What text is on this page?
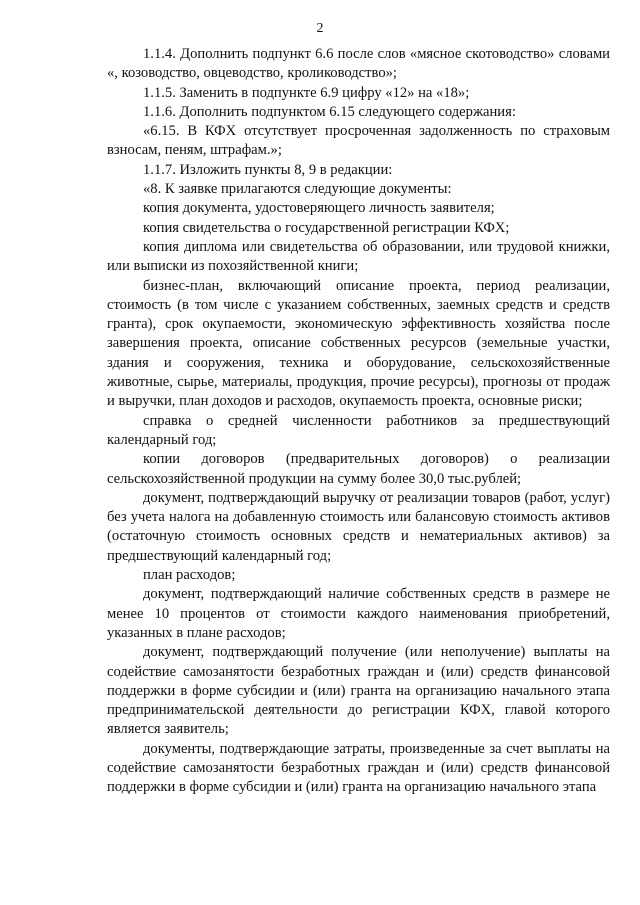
2

1.1.4. Дополнить подпункт 6.6 после слов «мясное скотоводство» словами «, козоводство, овцеводство, кролиководство»;

1.1.5. Заменить в подпункте 6.9 цифру «12» на «18»;

1.1.6. Дополнить подпунктом 6.15 следующего содержания:

«6.15. В КФХ отсутствует просроченная задолженность по страховым взносам, пеням, штрафам.»;

1.1.7. Изложить пункты 8, 9 в редакции:

«8. К заявке прилагаются следующие документы:

копия документа, удостоверяющего личность заявителя;

копия свидетельства о государственной регистрации КФХ;

копия диплома или свидетельства об образовании, или трудовой книжки, или выписки из похозяйственной книги;

бизнес-план, включающий описание проекта, период реализации, стоимость (в том числе с указанием собственных, заемных средств и средств гранта), срок окупаемости, экономическую эффективность хозяйства после завершения проекта, описание собственных ресурсов (земельные участки, здания и сооружения, техника и оборудование, сельскохозяйственные животные, сырье, материалы, продукция, прочие ресурсы), прогнозы от продаж и выручки, план доходов и расходов, окупаемость проекта, основные риски;

справка о средней численности работников за предшествующий календарный год;

копии договоров (предварительных договоров) о реализации сельскохозяйственной продукции на сумму более 30,0 тыс.рублей;

документ, подтверждающий выручку от реализации товаров (работ, услуг) без учета налога на добавленную стоимость или балансовую стоимость активов (остаточную стоимость основных средств и нематериальных активов) за предшествующий календарный год;

план расходов;

документ, подтверждающий наличие собственных средств в размере не менее 10 процентов от стоимости каждого наименования приобретений, указанных в плане расходов;

документ, подтверждающий получение (или неполучение) выплаты на содействие самозанятости безработных граждан и (или) средств финансовой поддержки в форме субсидии и (или) гранта на организацию начального этапа предпринимательской деятельности до регистрации КФХ, главой которого является заявитель;

документы, подтверждающие затраты, произведенные за счет выплаты на содействие самозанятости безработных граждан и (или) средств финансовой поддержки в форме субсидии и (или) гранта на организацию начального этапа
